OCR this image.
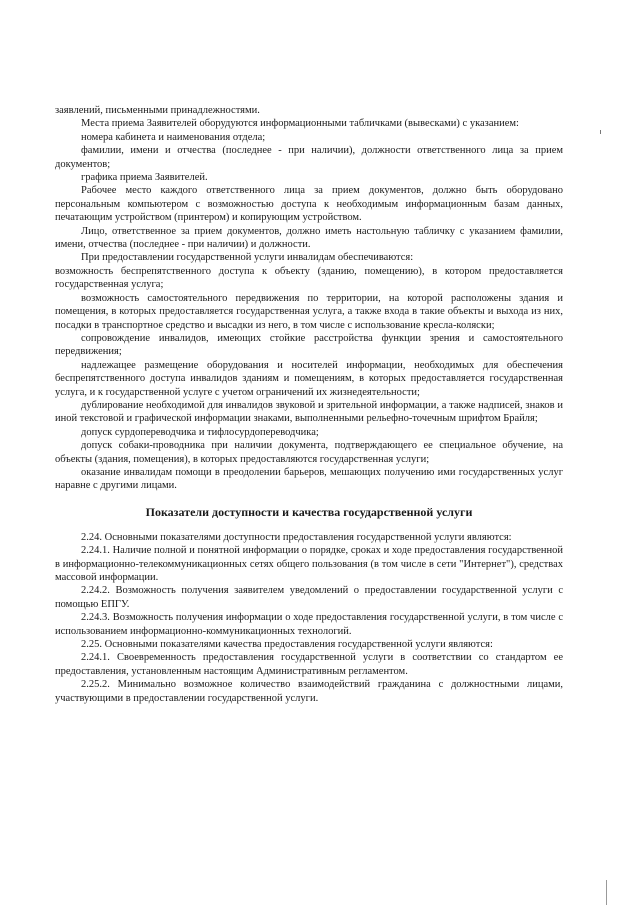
заявлений, письменными принадлежностями.

Места приема Заявителей оборудуются информационными табличками (вывесками) с указанием:

номера кабинета и наименования отдела;

фамилии, имени и отчества (последнее - при наличии), должности ответственного лица за прием документов;

графика приема Заявителей.

Рабочее место каждого ответственного лица за прием документов, должно быть оборудовано персональным компьютером с возможностью доступа к необходимым информационным базам данных, печатающим устройством (принтером) и копирующим устройством.

Лицо, ответственное за прием документов, должно иметь настольную табличку с указанием фамилии, имени, отчества (последнее - при наличии) и должности.

При предоставлении государственной услуги инвалидам обеспечиваются:

возможность беспрепятственного доступа к объекту (зданию, помещению), в котором предоставляется государственная услуга;

возможность самостоятельного передвижения по территории, на которой расположены здания и помещения, в которых предоставляется государственная услуга, а также входа в такие объекты и выхода из них, посадки в транспортное средство и высадки из него, в том числе с использование кресла-коляски;

сопровождение инвалидов, имеющих стойкие расстройства функции зрения и самостоятельного передвижения;

надлежащее размещение оборудования и носителей информации, необходимых для обеспечения беспрепятственного доступа инвалидов зданиям и помещениям, в которых предоставляется государственная услуга, и к государственной услуге с учетом ограничений их жизнедеятельности;

дублирование необходимой для инвалидов звуковой и зрительной информации, а также надписей, знаков и иной текстовой и графической информации знаками, выполненными рельефно-точечным шрифтом Брайля;

допуск сурдопереводчика и тифлосурдопереводчика;

допуск собаки-проводника при наличии документа, подтверждающего ее специальное обучение, на объекты (здания, помещения), в которых предоставляются государственная услуги;

оказание инвалидам помощи в преодолении барьеров, мешающих получению ими государственных услуг наравне с другими лицами.

Показатели доступности и качества государственной услуги

2.24. Основными показателями доступности предоставления государственной услуги являются:

2.24.1. Наличие полной и понятной информации о порядке, сроках и ходе предоставления государственной в информационно-телекоммуникационных сетях общего пользования (в том числе в сети "Интернет"), средствах массовой информации.

2.24.2. Возможность получения заявителем уведомлений о предоставлении государственной услуги с помощью ЕПГУ.

2.24.3. Возможность получения информации о ходе предоставления государственной услуги, в том числе с использованием информационно-коммуникационных технологий.

2.25. Основными показателями качества предоставления государственной услуги являются:

2.24.1. Своевременность предоставления государственной услуги в соответствии со стандартом ее предоставления, установленным настоящим Административным регламентом.

2.25.2. Минимально возможное количество взаимодействий гражданина с должностными лицами, участвующими в предоставлении государственной услуги.
